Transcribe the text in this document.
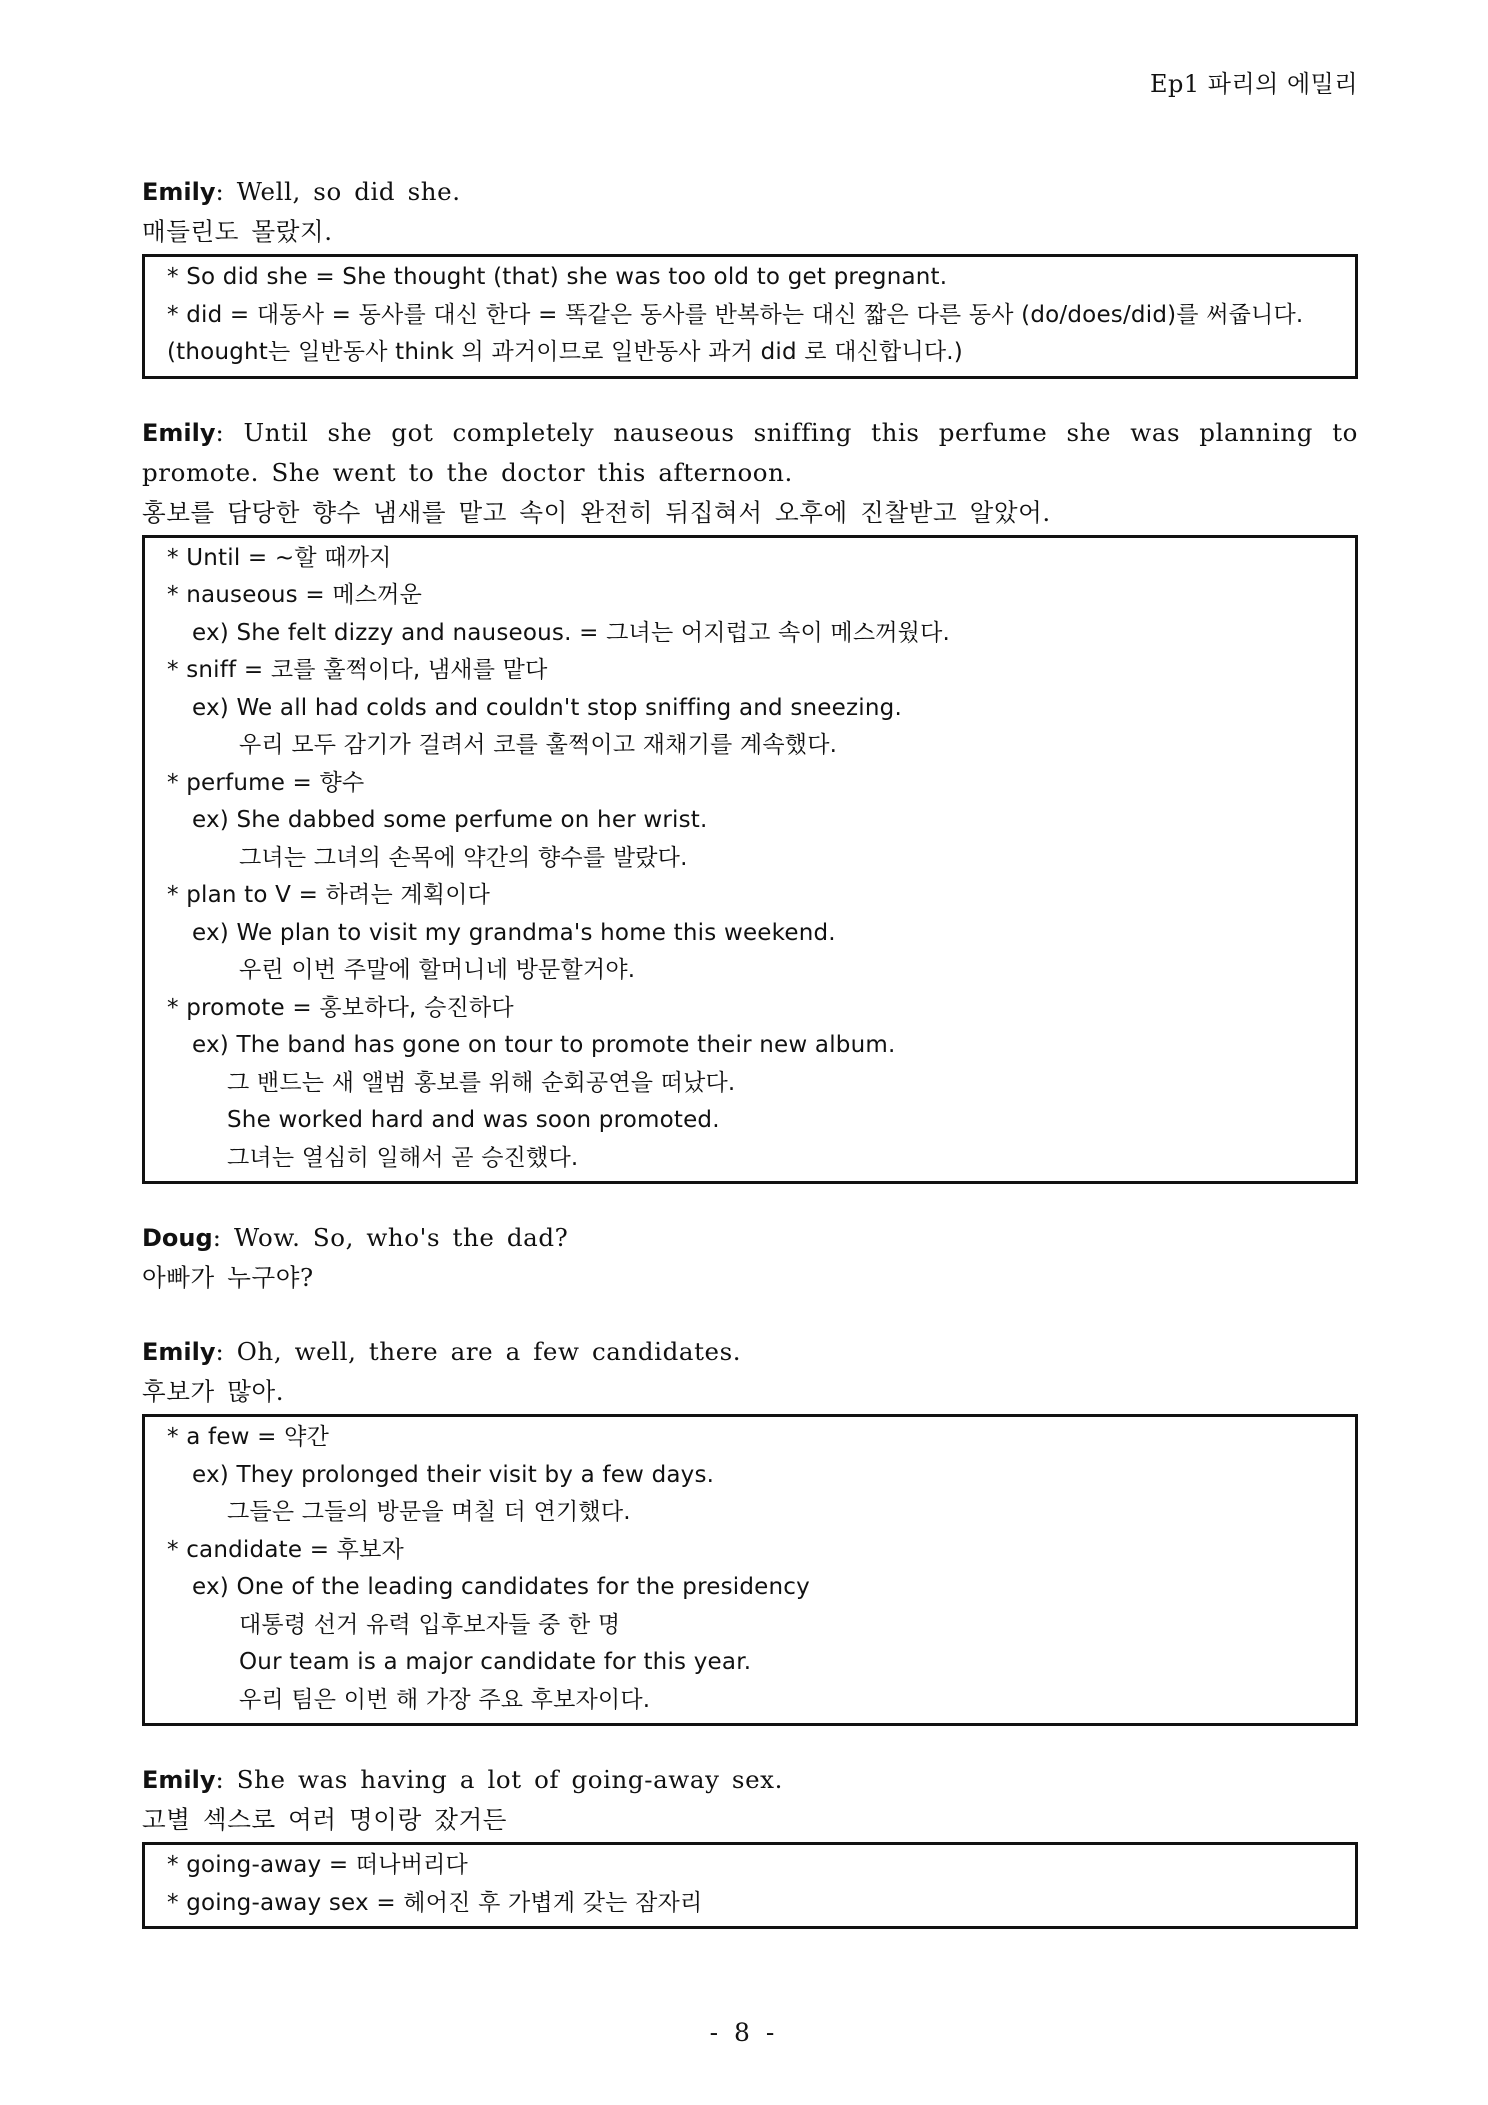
Ep1 파리의 에밀리
Emily: Well, so did she.
매들린도 몰랐지.
* So did she = She thought (that) she was too old to get pregnant.
* did = 대동사 = 동사를 대신 한다 = 똑같은 동사를 반복하는 대신 짧은 다른 동사 (do/does/did)를 써줍니다.
(thought는 일반동사 think 의 과거이므로 일반동사 과거 did 로 대신합니다.)
Emily: Until she got completely nauseous sniffing this perfume she was planning to promote. She went to the doctor this afternoon.
홍보를 담당한 향수 냄새를 맡고 속이 완전히 뒤집혀서 오후에 진찰받고 알았어.
* Until = ~할 때까지
* nauseous = 메스꺼운
ex) She felt dizzy and nauseous. = 그녀는 어지럽고 속이 메스꺼웠다.
* sniff = 코를 훌쩍이다, 냄새를 맡다
ex) We all had colds and couldn't stop sniffing and sneezing.
우리 모두 감기가 걸려서 코를 훌쩍이고 재채기를 계속했다.
* perfume = 향수
ex) She dabbed some perfume on her wrist.
그녀는 그녀의 손목에 약간의 향수를 발랐다.
* plan to V = 하려는 계획이다
ex) We plan to visit my grandma's home this weekend.
우린 이번 주말에 할머니네 방문할거야.
* promote = 홍보하다, 승진하다
ex) The band has gone on tour to promote their new album.
그 밴드는 새 앨범 홍보를 위해 순회공연을 떠났다.
She worked hard and was soon promoted.
그녀는 열심히 일해서 곧 승진했다.
Doug: Wow. So, who's the dad?
아빠가 누구야?
Emily: Oh, well, there are a few candidates.
후보가 많아.
* a few = 약간
ex) They prolonged their visit by a few days.
그들은 그들의 방문을 며칠 더 연기했다.
* candidate = 후보자
ex) One of the leading candidates for the presidency
대통령 선거 유력 입후보자들 중 한 명
Our team is a major candidate for this year.
우리 팀은 이번 해 가장 주요 후보자이다.
Emily: She was having a lot of going-away sex.
고별 섹스로 여러 명이랑 잤거든
* going-away = 떠나버리다
* going-away sex = 헤어진 후 가볍게 갖는 잠자리
- 8 -
